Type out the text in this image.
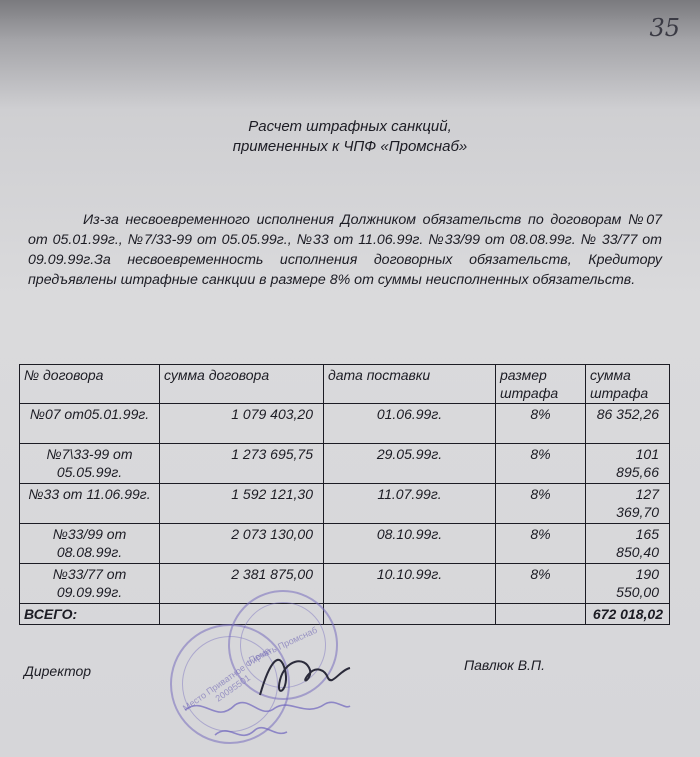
35
Расчет штрафных санкций,
примененных к ЧПФ «Промснаб»

Из-за несвоевременного исполнения Должником обязательств по договорам №07 от 05.01.99г., №7/33-99 от 05.05.99г., №33 от 11.06.99г. №33/99 от 08.08.99г. № 33/77 от 09.09.99г.За несвоевременность исполнения договорных обязательств, Кредитору предъявлены штрафные санкции в размере 8% от суммы неисполненных обязательств.

№ договора	сумма договора	дата поставки	размер штрафа	сумма штрафа
№07 от05.01.99г.	1 079 403,20	01.06.99г.	8%	86 352,26
№7\33-99 от 05.05.99г.	1 273 695,75	29.05.99г.	8%	101 895,66
№33 от 11.06.99г.	1 592 121,30	11.07.99г.	8%	127 369,70
№33/99 от 08.08.99г.	2 073 130,00	08.10.99г.	8%	165 850,40
№33/77 от 09.09.99г.	2 381 875,00	10.10.99г.	8%	190 550,00
ВСЕГО:				672 018,02
Место Приватное Фирма 20095501
Печать Промснаб
Директор	Павлюк В.П.
